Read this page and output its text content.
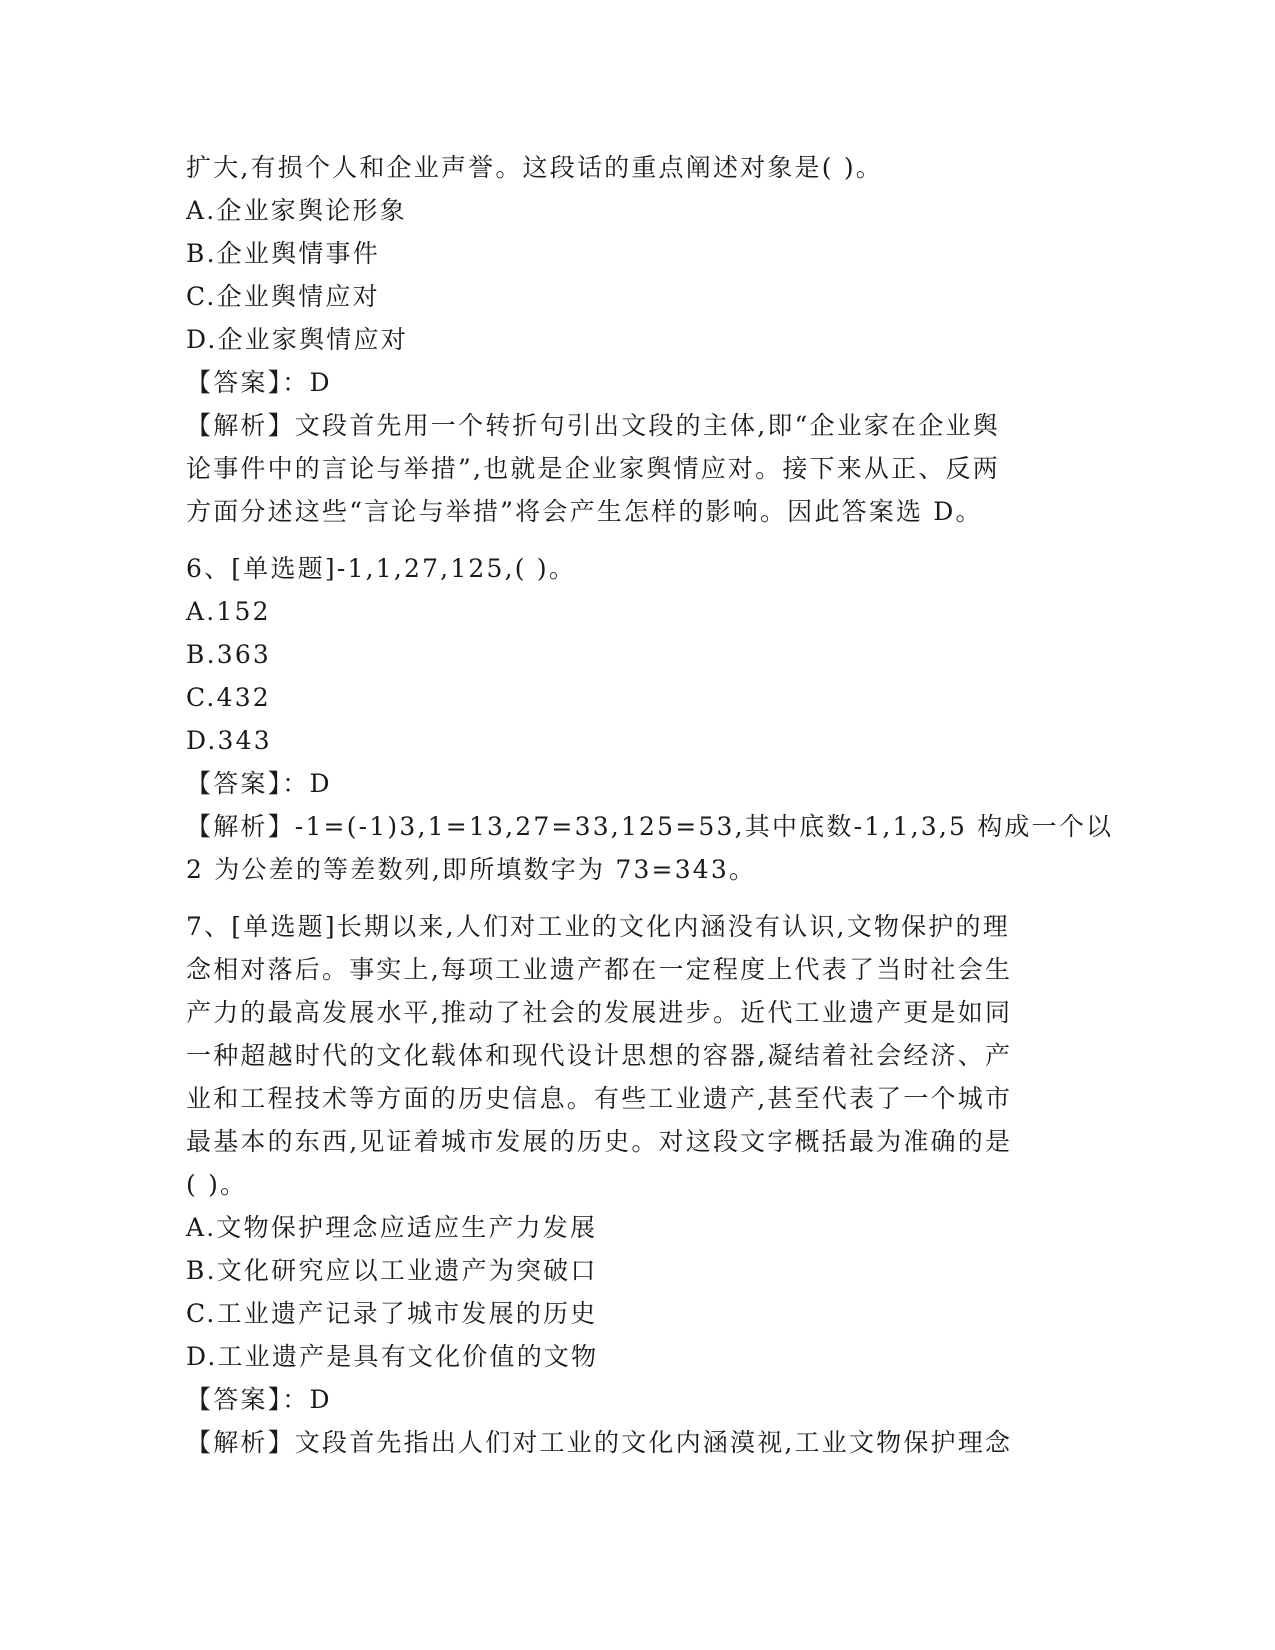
扩大,有损个人和企业声誉。这段话的重点阐述对象是( )。
A.企业家舆论形象
B.企业舆情事件
C.企业舆情应对
D.企业家舆情应对
【答案】：D
【解析】文段首先用一个转折句引出文段的主体,即“企业家在企业舆
论事件中的言论与举措”,也就是企业家舆情应对。接下来从正、反两
方面分述这些“言论与举措”将会产生怎样的影响。因此答案选 D。
6、[单选题]-1,1,27,125,( )。
A.152
B.363
C.432
D.343
【答案】：D
【解析】-1=(-1)3,1=13,27=33,125=53,其中底数-1,1,3,5 构成一个以
2 为公差的等差数列,即所填数字为 73=343。
7、[单选题]长期以来,人们对工业的文化内涵没有认识,文物保护的理
念相对落后。事实上,每项工业遗产都在一定程度上代表了当时社会生
产力的最高发展水平,推动了社会的发展进步。近代工业遗产更是如同
一种超越时代的文化载体和现代设计思想的容器,凝结着社会经济、产
业和工程技术等方面的历史信息。有些工业遗产,甚至代表了一个城市
最基本的东西,见证着城市发展的历史。对这段文字概括最为准确的是
( )。
A.文物保护理念应适应生产力发展
B.文化研究应以工业遗产为突破口
C.工业遗产记录了城市发展的历史
D.工业遗产是具有文化价值的文物
【答案】：D
【解析】文段首先指出人们对工业的文化内涵漠视,工业文物保护理念
